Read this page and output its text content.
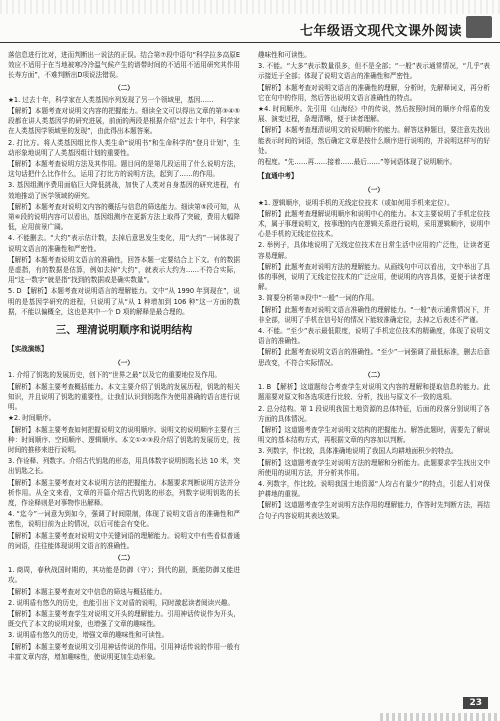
七年级语文现代文课外阅读

落信息进行比对，进而判断出一说法的正误。结合第⑦段中语句“科学拉多高原E效应不适用于在当地被寒冷冷温气候产生的谱带时间的不适用不适用研究其作用长寿方面”，不难判断出D项说法错误。

（二）

★1. 过去十年，科学家在人类基因序列发现了另一个领域里，基因……

【解析】本题考查对说明文内容的把握能力。细读全文可以得出文章的第③④⑤段都在讲人类基因学的研究进展，前面的两段是根据介绍“过去十年中，科学家在人类基因学领域里的发现”，由此得出本题答案。

2. 打比方。将人类基因组比作人类生命“说明书”和生命科学的“登月计划”，生动形象地说明了人类基因组计划的重要性。

【解析】本题考查说明方法及其作用。题目问的是第几段运用了什么说明方法，这句话把什么比作什么，运用了打比方的说明方法，起到了……的作用。

3. 基因组测序费用面临巨大降低挑战，加快了人类对自身基因的研究进程，有效地推动了医学领域的研究。

【解析】本题考查对说明文内容的概括与信息的筛选能力。细读第⑤段可知，从第⑥段的说明内容可以看出，基因组测序在更新方法上取得了突破，费用大幅降低，应用前景广阔。

4. 不能删去。“大约”表示估计数，去掉后意思发生变化，用“大约”一词体现了说明文语言的准确性和严密性。

【解析】本题考查说明文语言的准确性，回答本题一定要结合上下文。有的数据是虚指，有的数据是估算，例如去掉“大约”，就表示大约为……不符合实际，用“这一数字”就是指“找到的数据或是确实数量”。

5. D 【解析】本题考查对说明语言的理解能力。文中“从 1990 年到现在”，说明的是基因学研究的进程，只说明了从“从 1 种增加到 106 种”这一方面的数据，不能以偏概全，这也是其中一个 D 项的解释是最合理的。

三、理清说明顺序和说明结构
【实战演练】
（一）

1. 介绍了钥匙的发展历史，创下的“世界之最”以及它的重要地位及作用。

【解析】本题主要考查概括能力。本文主要介绍了钥匙的发展历程，钥匙的相关知识，并且说明了钥匙的重要性，让我们认识到钥匙作为使用准确的语言进行说明。

★2. 时间顺序。

【解析】本题主要考查如何把握说明文的说明顺序。说明文的说明顺序主要有三种：时间顺序、空间顺序、逻辑顺序。本文①②③段介绍了钥匙的发展历史，按时间的推移来进行说明。

3. 作诠释、列数字。介绍古代钥匙的形态，用具体数字说明钥匙长达 10 米，突出钥匙之长。

【解析】本题主要考查对文本说明方法的把握能力。本题要求判断说明方法并分析作用。从全文来看，文章的开篇介绍古代钥匙的形态，列数字说明钥匙的长度，作诠释则是对事物作出解释。

4. “迄今”一词意为到如今，强调了时间限制，体现了说明文语言的准确性和严密性，说明目前为止的情况，以后可能会有变化。

【解析】本题主要考查对说明文中关键词语的理解能力。说明文中有些看似普通的词语，往往能体现说明文语言的准确性。

（二）

1. 商周，春秋战国时期的，其功能是防御（守）；到代的剧，既能防御又能进攻。

【解析】本题主要考查对文中信息的筛选与概括能力。

2. 说明盾有悠久的历史，也能引出下文对盾的说明，同时激起读者阅读兴趣。

【解析】本题主要考查学生对说明文开头的理解能力。引用神话传说作为开头，既交代了本文的说明对象，也增强了文章的趣味性。

3. 说明盾有悠久的历史，增强文章的趣味性和可读性。

【解析】本题主要考查说明文引用神话传说的作用。引用神话传说的作用一般有丰富文章内容，增加趣味性，使说明更加生动形象。

趣味性和可读性。

3. 不能。“大多”表示数量很多，但不是全部；“一般”表示通常情况，“几乎”表示接近于全部；体现了说明文语言的准确性和严密性。

【解析】本题考查对说明文语言的准确性的理解，分析时，先解释词义，再分析它在句中的作用，然后答出说明文语言准确性的特点。

★4. 时间顺序。先引用《山海经》中的传说，然后按照时间的顺序介绍盾的发展、演变过程，条理清晰，便于读者理解。

【解析】本题考查理清说明文的说明顺序的能力。解答这种题目，要注意先找出能表示时间的词语，然后确定文章是按什么顺序进行说明的，并说明这样写的好处。

的程度。“先……再……接着……最后……”等词语体现了说明顺序。

【直通中考】
（一）

★1. 逻辑顺序，说明手机的无线定位技术（或如何用手机来定位）。

【解析】此题考查理解说明顺序和说明中心的能力。本文主要说明了手机定位技术，属于事理说明文，按事理的内在逻辑关系进行说明，采用逻辑顺序，说明中心是手机的无线定位技术。

2. 举例子，具体地说明了无线定位技术在日常生活中应用的广泛性，让读者更容易理解。

【解析】此题考查对说明方法的理解能力。从画线句中可以看出，文中举出了具体的事例，说明了无线定位技术的广泛应用，使说明的内容具体，更便于读者理解。

3. 简要分析第③段中“一般”一词的作用。

【解析】此题考查对说明文语言准确性的理解能力。“一般”表示通常情况下，并非全部，说明了手机在信号好的情况下能较准确定位，去掉之后表述不严谨。

4. 不能。“至少”表示最低限度，说明了手机定位技术的精确度，体现了说明文语言的准确性。

【解析】此题考查说明文语言的准确性。“至少”一词强调了最低标准，删去后意思改变，不符合实际情况。

（二）

1. B 【解析】这道题综合考查学生对说明文内容的理解和提取信息的能力。此题需要对原文和各选项进行比较、分析，找出与原文不一致的选项。

2. 总分结构。第 1 段说明我国土地资源的总体特征，后面的段落分别说明了各方面的具体情况。

【解析】这道题考查学生对说明文结构的把握能力。解答此题时，需要先了解说明文的基本结构方式，再根据文章的内容加以判断。

3. 列数字，作比较，具体准确地说明了我国人均耕地面积少的特点。

【解析】这道题考查学生对说明方法的理解和分析能力。此题要求学生找出文中所使用的说明方法，并分析其作用。

4. 列数字，作比较。说明我国土地资源“人均占有量少”的特点，引起人们对保护耕地的重视。

【解析】这道题考查学生对说明方法作用的理解能力，作答时先判断方法，再结合句子内容说明其表达效果。

23
